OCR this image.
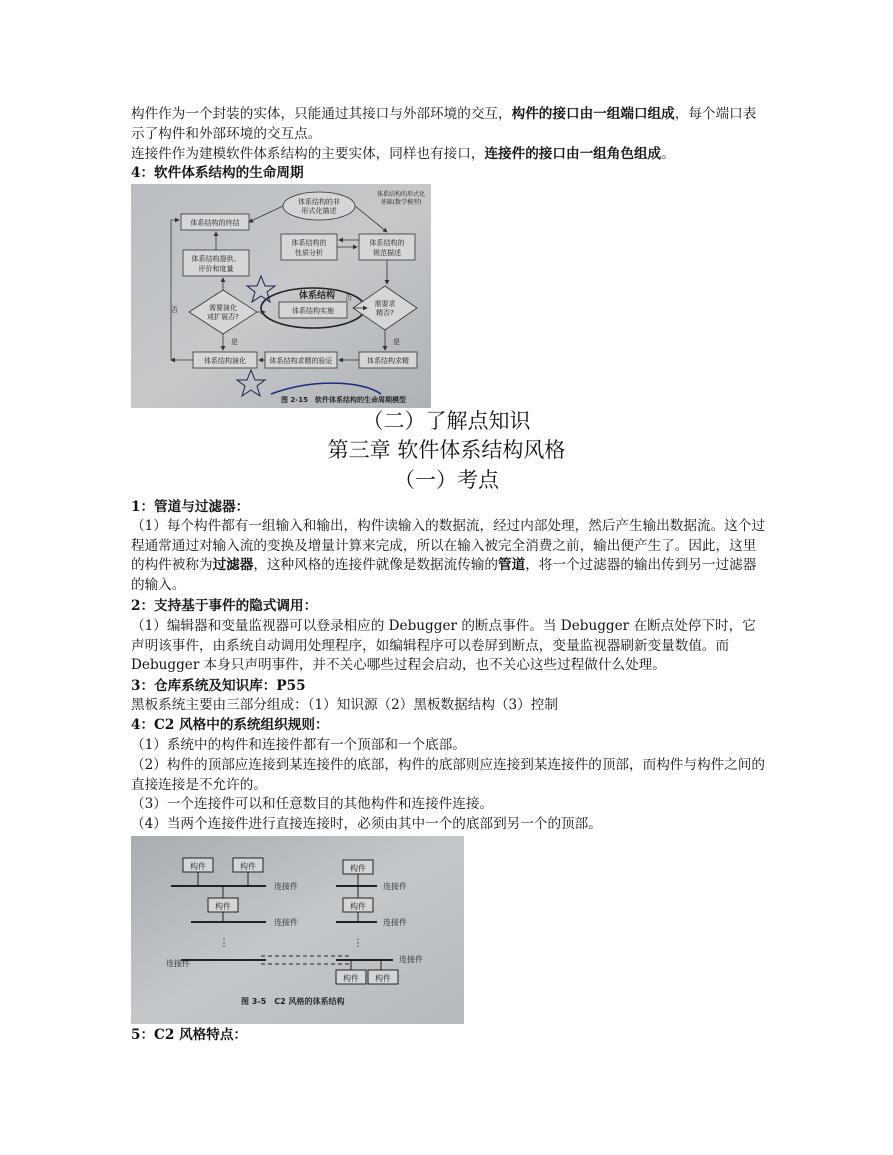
构件作为一个封装的实体，只能通过其接口与外部环境的交互，构件的接口由一组端口组成，每个端口表示了构件和外部环境的交互点。

连接件作为建模软件体系结构的主要实体，同样也有接口，连接件的接口由一组角色组成。

4：软件体系结构的生命周期

体系结构的终结
体系结构提供、
评价和度量
需要演化
或扩展否?
体系结构演化
体系结构的非
形式化描述
体系结构的形式化
基础(数学模型)
体系结构的
性质分析
体系结构的
规范描述
体系结构实施
体系结构
需要求
精否?
体系结构求精的验证	体系结构求精
是
否
是
否
图 2-15　软件体系结构的生命周期模型

（二）了解点知识

第三章 软件体系结构风格

（一）考点

1：管道与过滤器：

（1）每个构件都有一组输入和输出，构件读输入的数据流，经过内部处理，然后产生输出数据流。这个过程通常通过对输入流的变换及增量计算来完成，所以在输入被完全消费之前，输出便产生了。因此，这里的构件被称为过滤器，这种风格的连接件就像是数据流传输的管道，将一个过滤器的输出传到另一过滤器的输入。

2：支持基于事件的隐式调用：

（1）编辑器和变量监视器可以登录相应的 Debugger 的断点事件。当 Debugger 在断点处停下时，它声明该事件，由系统自动调用处理程序，如编辑程序可以卷屏到断点，变量监视器刷新变量数值。而 Debugger 本身只声明事件，并不关心哪些过程会启动，也不关心这些过程做什么处理。

3：仓库系统及知识库：P55

黑板系统主要由三部分组成：（1）知识源（2）黑板数据结构（3）控制

4：C2 风格中的系统组织规则：

（1）系统中的构件和连接件都有一个顶部和一个底部。

（2）构件的顶部应连接到某连接件的底部，构件的底部则应连接到某连接件的顶部，而构件与构件之间的直接连接是不允许的。

（3）一个连接件可以和任意数目的其他构件和连接件连接。

（4）当两个连接件进行直接连接时，必须由其中一个的底部到另一个的顶部。

构件	构件
连接件
构件
连接件
⋮
连接件
构件
连接件
构件
连接件
⋮
连接件
构件 构件
图 3-5　C2 风格的体系结构

5：C2 风格特点：
